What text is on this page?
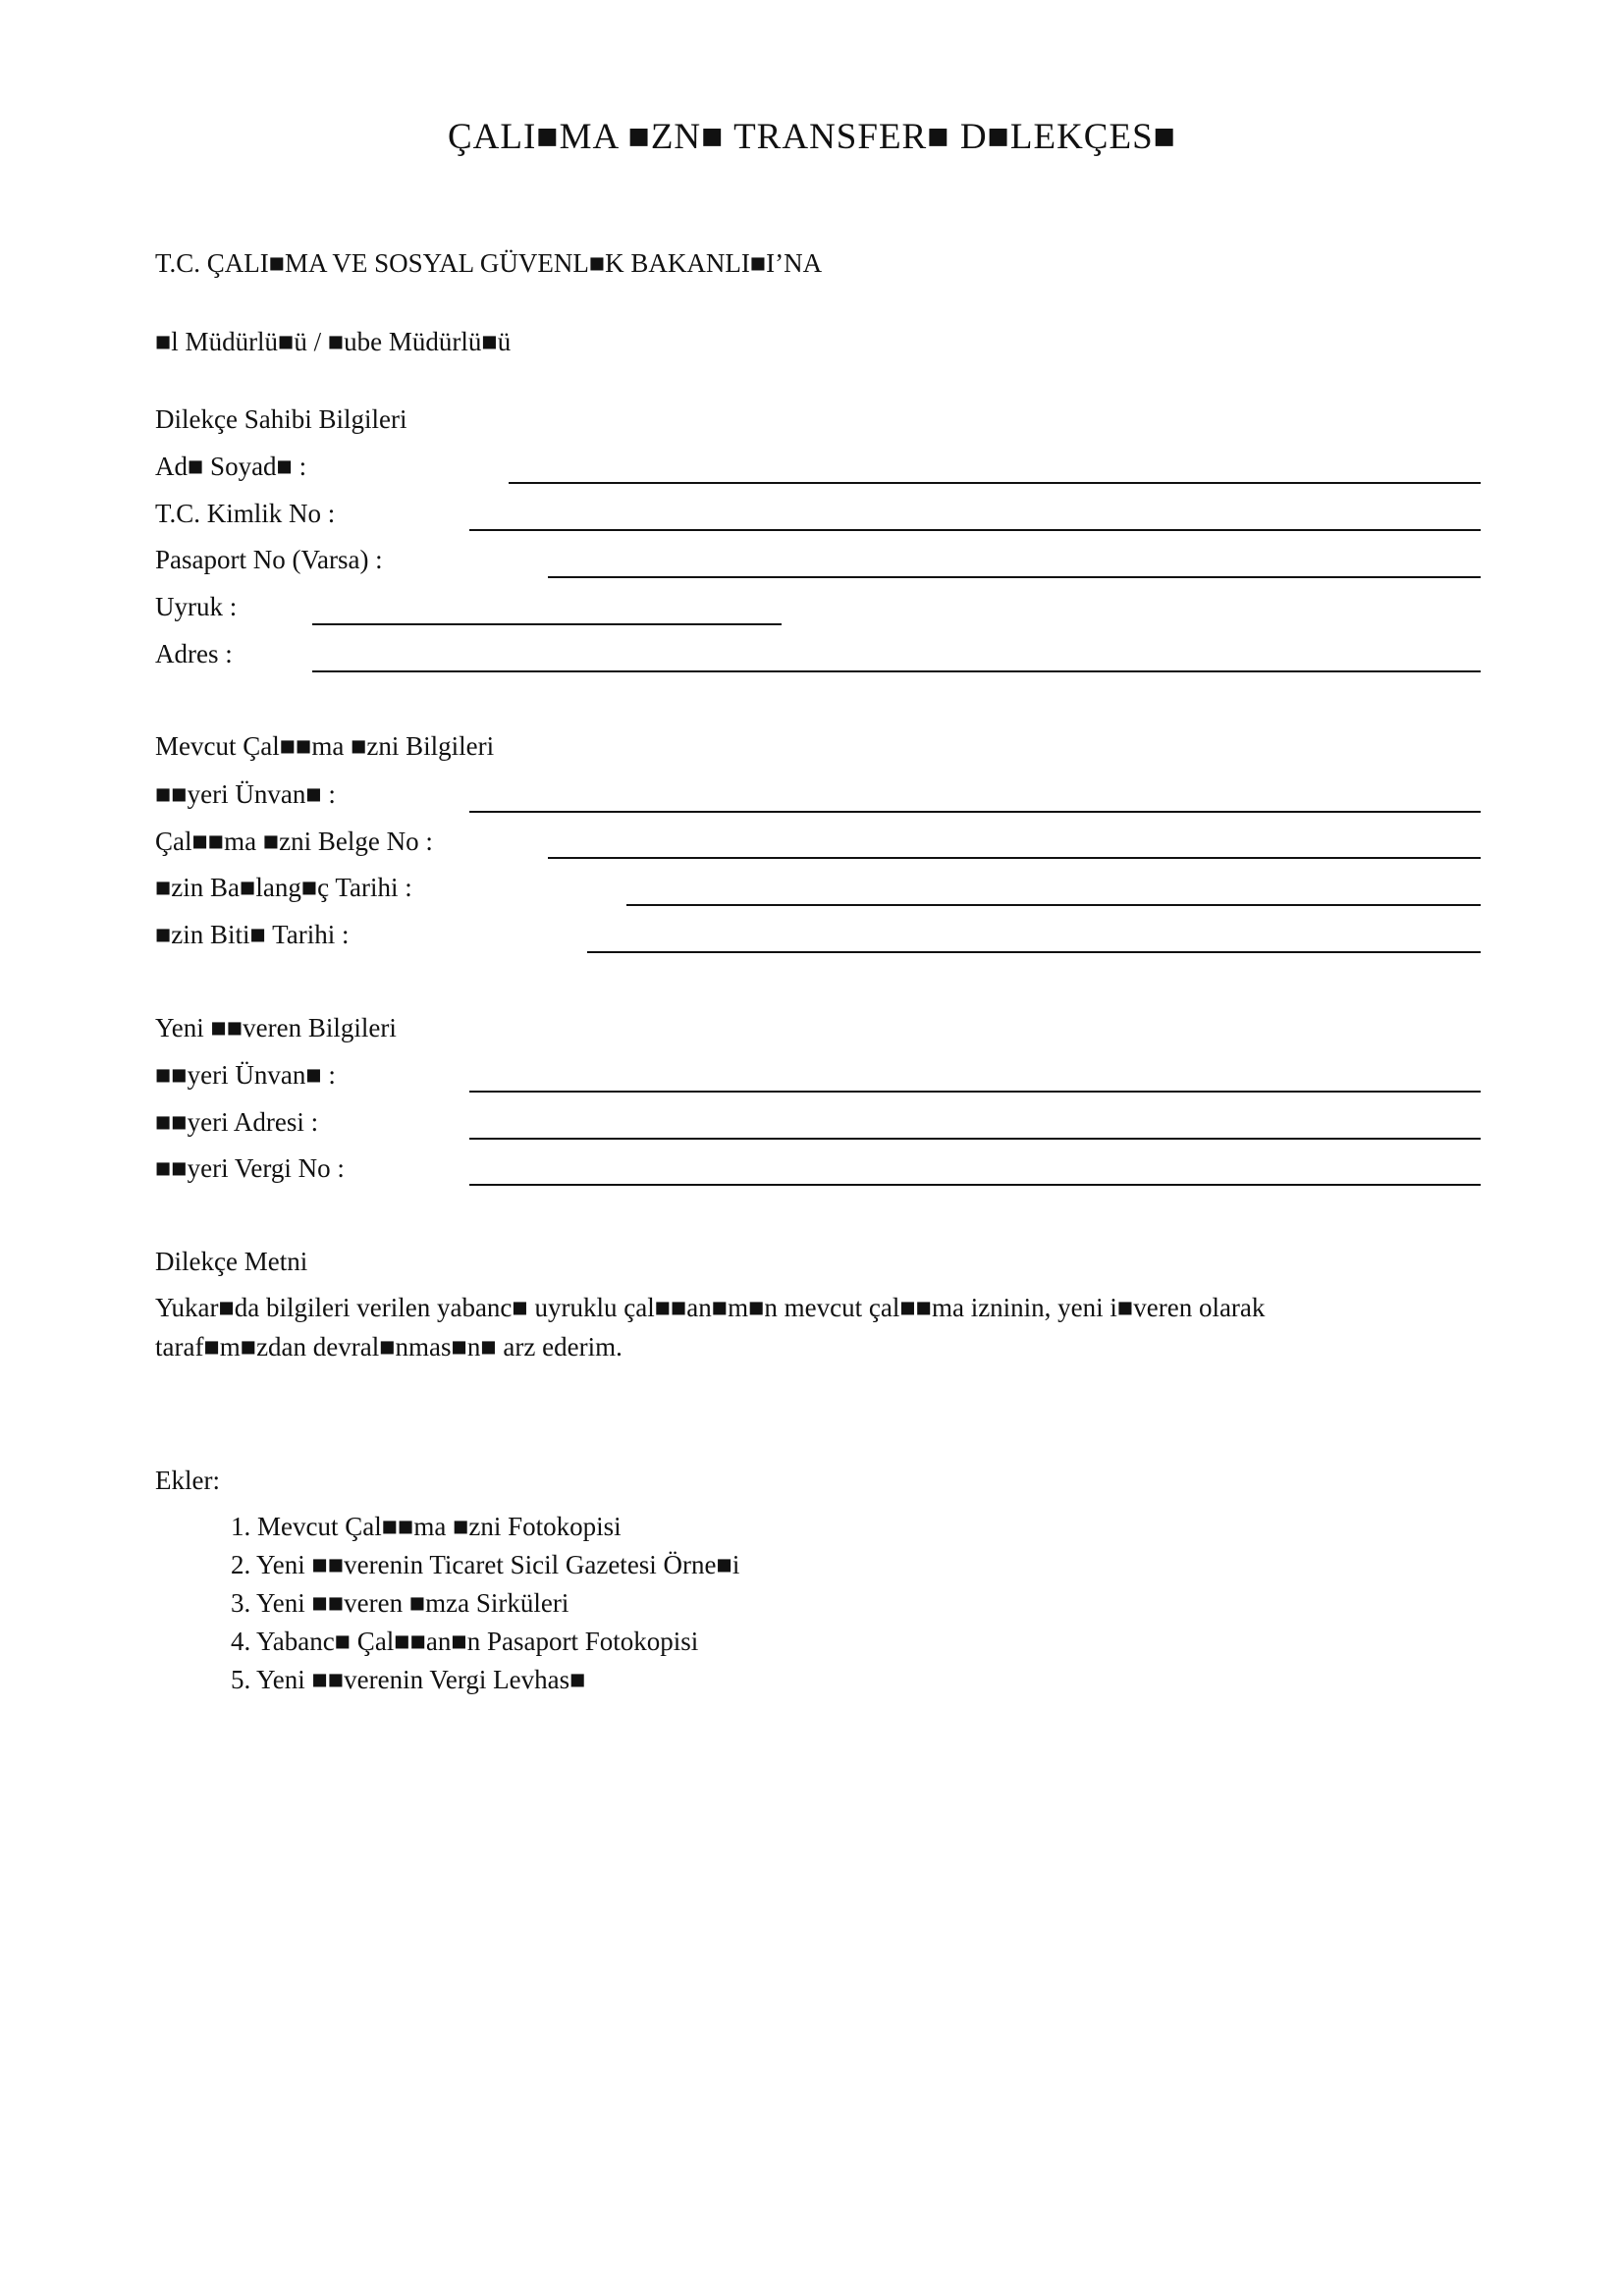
ÇALI■MA ■ZN■ TRANSFER■ D■LEKÇES■
T.C. ÇALI■MA VE SOSYAL GÜVENL■K BAKANLI■I’NA
■l Müdürlü■ü / ■ube Müdürlü■ü
Dilekçe Sahibi Bilgileri
Ad■ Soyad■ :
T.C. Kimlik No :
Pasaport No (Varsa) :
Uyruk :
Adres :
Mevcut Çal■■ma ■zni Bilgileri
■■yeri Ünvan■ :
Çal■■ma ■zni Belge No :
■zin Ba■lang■ç Tarihi :
■zin Biti■ Tarihi :
Yeni ■■veren Bilgileri
■■yeri Ünvan■ :
■■yeri Adresi :
■■yeri Vergi No :
Dilekçe Metni
Yukar■da bilgileri verilen yabanc■ uyruklu çal■■an■m■n mevcut çal■■ma izninin, yeni i■veren olarak
taraf■m■zdan devral■nmas■n■ arz ederim.
Ekler:
1. Mevcut Çal■■ma ■zni Fotokopisi
2. Yeni ■■verenin Ticaret Sicil Gazetesi Örne■i
3. Yeni ■■veren ■mza Sirküleri
4. Yabanc■ Çal■■an■n Pasaport Fotokopisi
5. Yeni ■■verenin Vergi Levhas■
